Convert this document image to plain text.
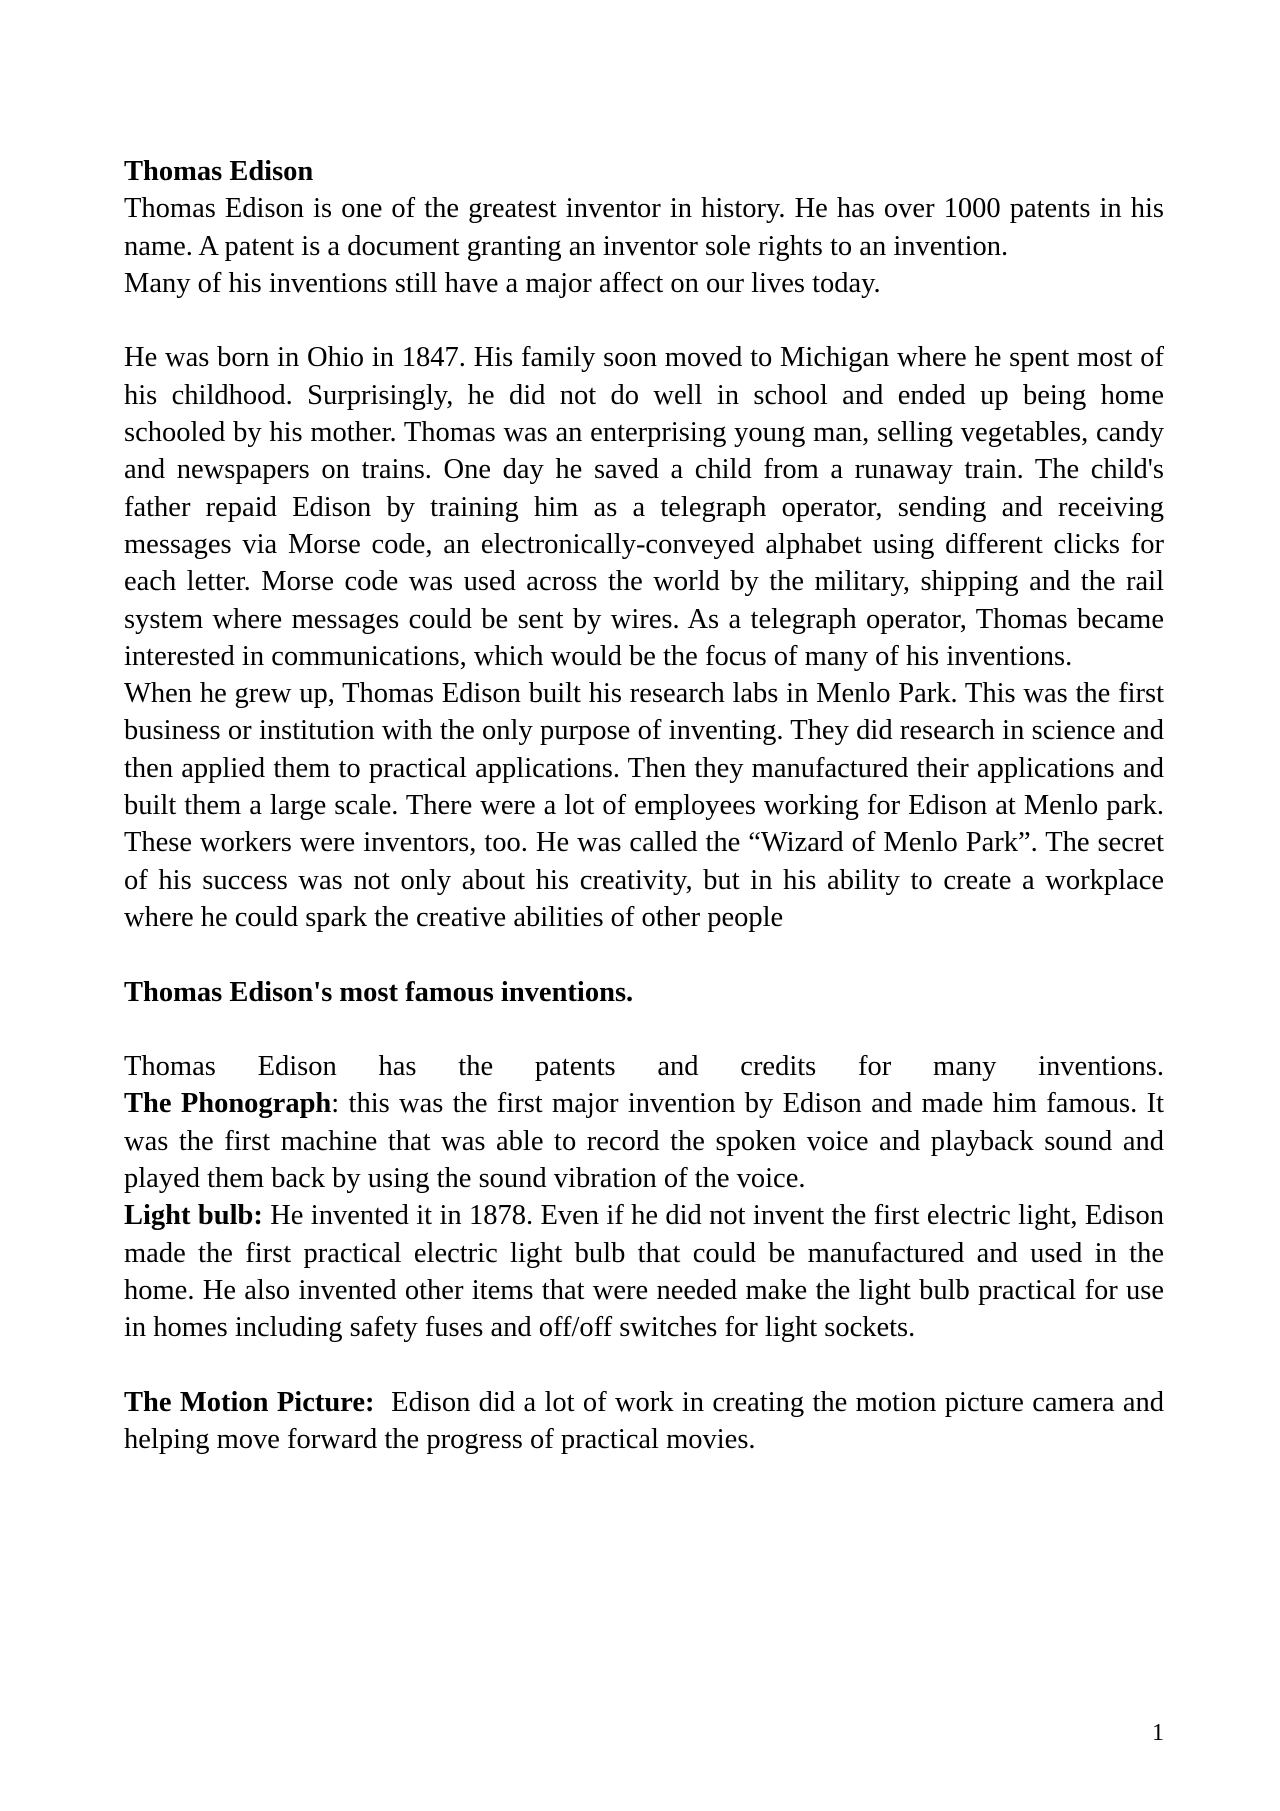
Thomas Edison

Thomas Edison is one of the greatest inventor in history. He has over 1000 patents in his name. A patent is a document granting an inventor sole rights to an invention.

Many of his inventions still have a major affect on our lives today.

He was born in Ohio in 1847. His family soon moved to Michigan where he spent most of his childhood. Surprisingly, he did not do well in school and ended up being home schooled by his mother. Thomas was an enterprising young man, selling vegetables, candy and newspapers on trains. One day he saved a child from a runaway train. The child's father repaid Edison by training him as a telegraph operator, sending and receiving messages via Morse code, an electronically-conveyed alphabet using different clicks for each letter. Morse code was used across the world by the military, shipping and the rail system where messages could be sent by wires. As a telegraph operator, Thomas became interested in communications, which would be the focus of many of his inventions.

When he grew up, Thomas Edison built his research labs in Menlo Park. This was the first business or institution with the only purpose of inventing. They did research in science and then applied them to practical applications. Then they manufactured their applications and built them a large scale. There were a lot of employees working for Edison at Menlo park. These workers were inventors, too. He was called the “Wizard of Menlo Park”. The secret of his success was not only about his creativity, but in his ability to create a workplace where he could spark the creative abilities of other people

Thomas Edison's most famous inventions.

Thomas Edison has the patents and credits for many inventions.

The Phonograph: this was the first major invention by Edison and made him famous. It was the first machine that was able to record the spoken voice and playback sound and played them back by using the sound vibration of the voice.

Light bulb: He invented it in 1878. Even if he did not invent the first electric light, Edison made the first practical electric light bulb that could be manufactured and used in the home. He also invented other items that were needed make the light bulb practical for use in homes including safety fuses and off/off switches for light sockets.

The Motion Picture:  Edison did a lot of work in creating the motion picture camera and helping move forward the progress of practical movies.

1
